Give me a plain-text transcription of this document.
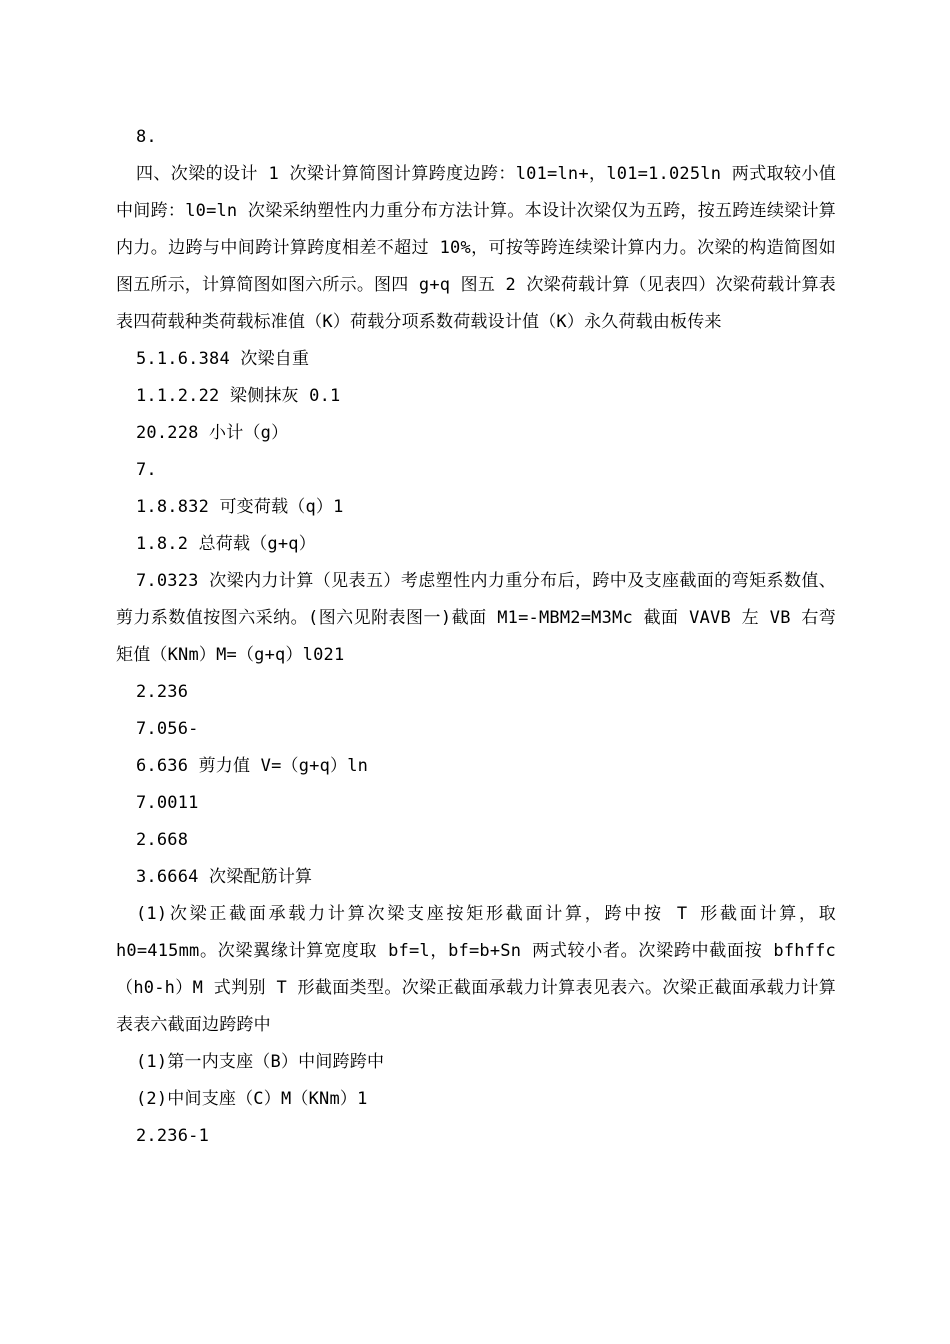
8.

四、次梁的设计 1 次梁计算简图计算跨度边跨：l01=ln+，l01=1.025ln 两式取较小值中间跨：l0=ln 次梁采纳塑性内力重分布方法计算。本设计次梁仅为五跨，按五跨连续梁计算内力。边跨与中间跨计算跨度相差不超过 10%，可按等跨连续梁计算内力。次梁的构造简图如图五所示，计算简图如图六所示。图四 g+q 图五 2 次梁荷载计算（见表四）次梁荷载计算表表四荷载种类荷载标准值（K）荷载分项系数荷载设计值（K）永久荷载由板传来

5.1.6.384 次梁自重

1.1.2.22 梁侧抹灰 0.1

20.228 小计（g）

7.

1.8.832 可变荷载（q）1

1.8.2 总荷载（g+q）

7.0323 次梁内力计算（见表五）考虑塑性内力重分布后，跨中及支座截面的弯矩系数值、剪力系数值按图六采纳。(图六见附表图一)截面 M1=-MBM2=M3Mc 截面 VAVB 左 VB 右弯矩值（KNm）M=（g+q）l021

2.236

7.056-

6.636 剪力值 V=（g+q）ln

7.0011

2.668

3.6664 次梁配筋计算

(1)次梁正截面承载力计算次梁支座按矩形截面计算，跨中按 T 形截面计算，取 h0=415mm。次梁翼缘计算宽度取 bf=l，bf=b+Sn 两式较小者。次梁跨中截面按 bfhffc（h0-h）M 式判别 T 形截面类型。次梁正截面承载力计算表见表六。次梁正截面承载力计算表表六截面边跨跨中

(1)第一内支座（B）中间跨跨中

(2)中间支座（C）M（KNm）1

2.236-1
